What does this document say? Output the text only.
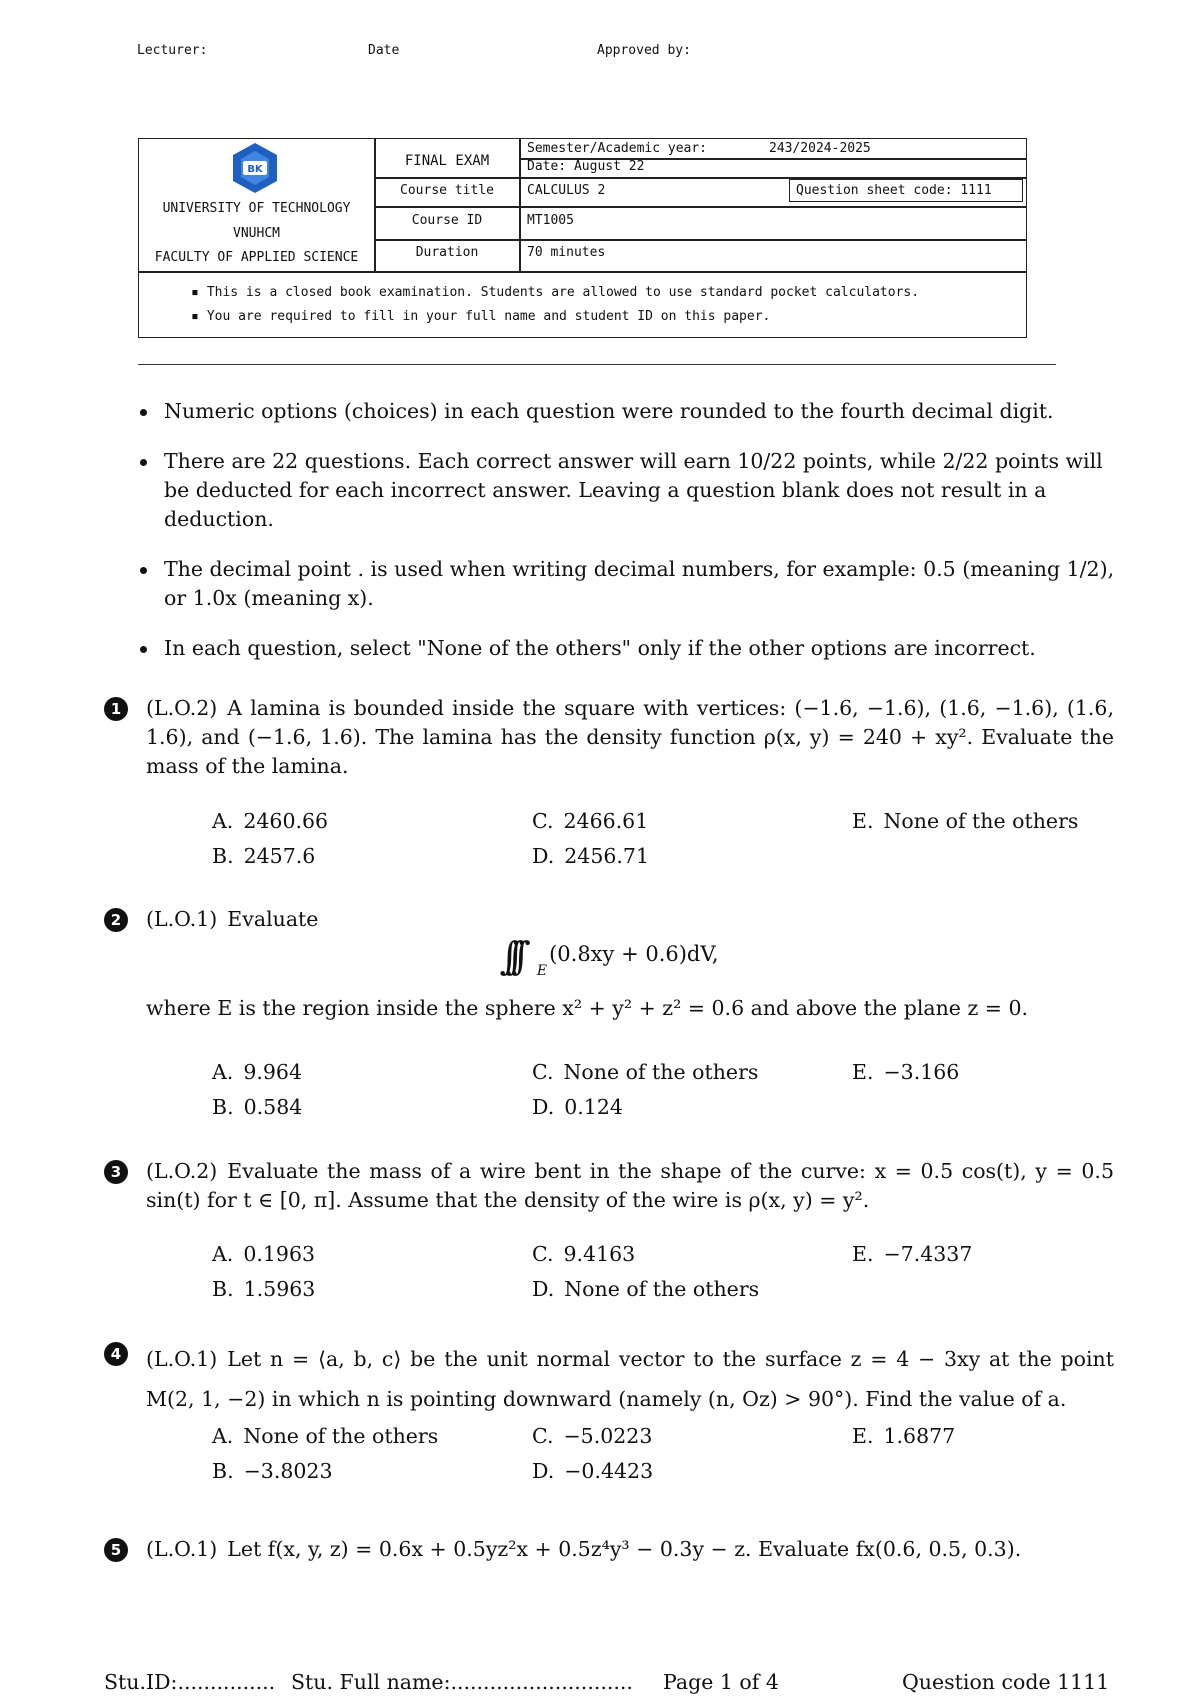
Lecturer:	Date	Approved by:
BK
UNIVERSITY OF TECHNOLOGY
VNUHCM
FACULTY OF APPLIED SCIENCE
FINAL EXAM
Semester/Academic year:	243/2024-2025
Date: August 22
Course title	CALCULUS 2	Question sheet code: 1111
Course ID	MT1005
Duration	70 minutes
▪ This is a closed book examination. Students are allowed to use standard pocket calculators.
▪ You are required to fill in your full name and student ID on this paper.
Numeric options (choices) in each question were rounded to the fourth decimal digit.
There are 22 questions. Each correct answer will earn 10/22 points, while 2/22 points will be deducted for each incorrect answer. Leaving a question blank does not result in a deduction.
The decimal point . is used when writing decimal numbers, for example: 0.5 (meaning 1/2), or 1.0x (meaning x).
In each question, select "None of the others" only if the other options are incorrect.
1	(L.O.2) A lamina is bounded inside the square with vertices: (−1.6, −1.6), (1.6, −1.6), (1.6, 1.6), and (−1.6, 1.6). The lamina has the density function ρ(x, y) = 240 + xy². Evaluate the mass of the lamina.
A. 2460.66
B. 2457.6
C. 2466.61
D. 2456.71
E. None of the others
2	(L.O.1) Evaluate
∫∫∫ $_E$(0.8xy + 0.6)dV,
where E is the region inside the sphere x² + y² + z² = 0.6 and above the plane z = 0.
A. 9.964
B. 0.584
C. None of the others
D. 0.124
E. −3.166
3	(L.O.2) Evaluate the mass of a wire bent in the shape of the curve: x = 0.5 cos(t), y = 0.5 sin(t) for t ∈ [0, π]. Assume that the density of the wire is ρ(x, y) = y².
A. 0.1963
B. 1.5963
C. 9.4163
D. None of the others
E. −7.4337
4	(L.O.1) Let n = ⟨a, b, c⟩ be the unit normal vector to the surface z = 4 − 3xy at the point M(2, 1, −2) in which n is pointing downward (namely (n, Oz) > 90°). Find the value of a.
A. None of the others
B. −3.8023
C. −5.0223
D. −0.4423
E. 1.6877
5	(L.O.1) Let f(x, y, z) = 0.6x + 0.5yz²x + 0.5z⁴y³ − 0.3y − z. Evaluate fx(0.6, 0.5, 0.3).
Stu.ID:............... Stu. Full name:............................ Page 1 of 4	Question code 1111
